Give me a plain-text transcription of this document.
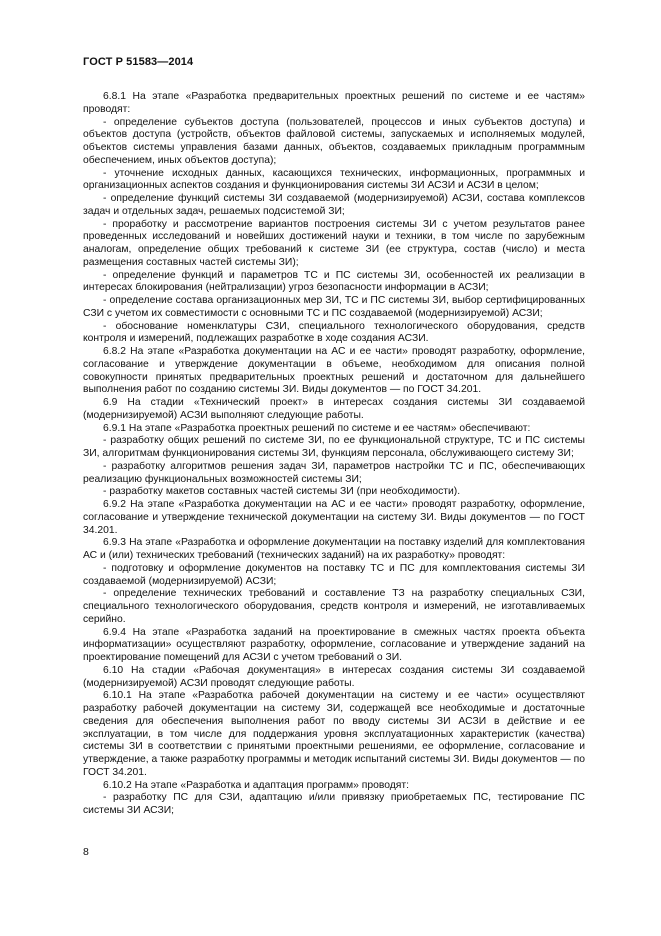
ГОСТ Р 51583—2014

6.8.1 На этапе «Разработка предварительных проектных решений по системе и ее частям» проводят:

- определение субъектов доступа (пользователей, процессов и иных субъектов доступа) и объектов доступа (устройств, объектов файловой системы, запускаемых и исполняемых модулей, объектов системы управления базами данных, объектов, создаваемых прикладным программным обеспечением, иных объектов доступа);

- уточнение исходных данных, касающихся технических, информационных, программных и организационных аспектов создания и функционирования системы ЗИ АСЗИ и АСЗИ в целом;

- определение функций системы ЗИ создаваемой (модернизируемой) АСЗИ, состава комплексов задач и отдельных задач, решаемых подсистемой ЗИ;

- проработку и рассмотрение вариантов построения системы ЗИ с учетом результатов ранее проведенных исследований и новейших достижений науки и техники, в том числе по зарубежным аналогам, определение общих требований к системе ЗИ (ее структура, состав (число) и места размещения составных частей системы ЗИ);

- определение функций и параметров ТС и ПС системы ЗИ, особенностей их реализации в интересах блокирования (нейтрализации) угроз безопасности информации в АСЗИ;

- определение состава организационных мер ЗИ, ТС и ПС системы ЗИ, выбор сертифицированных СЗИ с учетом их совместимости с основными ТС и ПС создаваемой (модернизируемой) АСЗИ;

- обоснование номенклатуры СЗИ, специального технологического оборудования, средств контроля и измерений, подлежащих разработке в ходе создания АСЗИ.

6.8.2 На этапе «Разработка документации на АС и ее части» проводят разработку, оформление, согласование и утверждение документации в объеме, необходимом для описания полной совокупности принятых предварительных проектных решений и достаточном для дальнейшего выполнения работ по созданию системы ЗИ. Виды документов — по ГОСТ 34.201.

6.9 На стадии «Технический проект» в интересах создания системы ЗИ создаваемой (модернизируемой) АСЗИ выполняют следующие работы.

6.9.1 На этапе «Разработка проектных решений по системе и ее частям» обеспечивают:

- разработку общих решений по системе ЗИ, по ее функциональной структуре, ТС и ПС системы ЗИ, алгоритмам функционирования системы ЗИ, функциям персонала, обслуживающего систему ЗИ;

- разработку алгоритмов решения задач ЗИ, параметров настройки ТС и ПС, обеспечивающих реализацию функциональных возможностей системы ЗИ;

- разработку макетов составных частей системы ЗИ (при необходимости).

6.9.2 На этапе «Разработка документации на АС и ее части» проводят разработку, оформление, согласование и утверждение технической документации на систему ЗИ. Виды документов — по ГОСТ 34.201.

6.9.3 На этапе «Разработка и оформление документации на поставку изделий для комплектования АС и (или) технических требований (технических заданий) на их разработку» проводят:

- подготовку и оформление документов на поставку ТС и ПС для комплектования системы ЗИ создаваемой (модернизируемой) АСЗИ;

- определение технических требований и составление ТЗ на разработку специальных СЗИ, специального технологического оборудования, средств контроля и измерений, не изготавливаемых серийно.

6.9.4 На этапе «Разработка заданий на проектирование в смежных частях проекта объекта информатизации» осуществляют разработку, оформление, согласование и утверждение заданий на проектирование помещений для АСЗИ с учетом требований о ЗИ.

6.10 На стадии «Рабочая документация» в интересах создания системы ЗИ создаваемой (модернизируемой) АСЗИ проводят следующие работы.

6.10.1 На этапе «Разработка рабочей документации на систему и ее части» осуществляют разработку рабочей документации на систему ЗИ, содержащей все необходимые и достаточные сведения для обеспечения выполнения работ по вводу системы ЗИ АСЗИ в действие и ее эксплуатации, в том числе для поддержания уровня эксплуатационных характеристик (качества) системы ЗИ в соответствии с принятыми проектными решениями, ее оформление, согласование и утверждение, а также разработку программы и методик испытаний системы ЗИ. Виды документов — по ГОСТ 34.201.

6.10.2 На этапе «Разработка и адаптация программ» проводят:

- разработку ПС для СЗИ, адаптацию и/или привязку приобретаемых ПС, тестирование ПС системы ЗИ АСЗИ;

8
